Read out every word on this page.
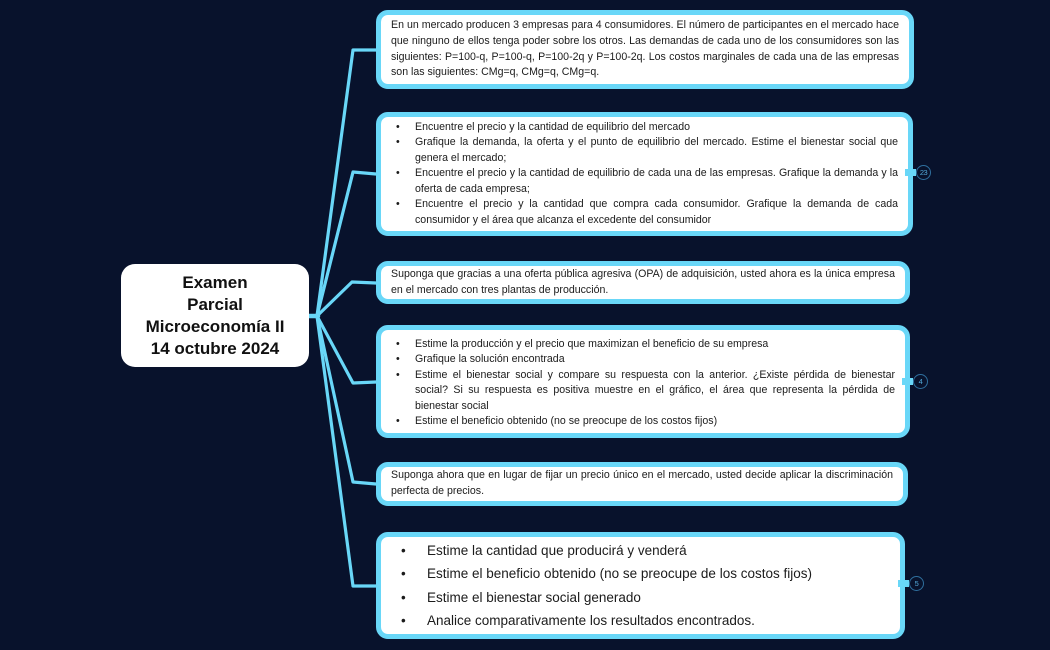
Examen
Parcial
Microeconomía II
14 octubre 2024

En un mercado producen 3 empresas para 4 consumidores. El número de participantes en el mercado hace que ninguno de ellos tenga poder sobre los otros. Las demandas de cada uno de los consumidores son las siguientes: P=100-q, P=100-q, P=100-2q y P=100-2q. Los costos marginales de cada una de las empresas son las siguientes: CMg=q, CMg=q, CMg=q.

• Encuentre el precio y la cantidad de equilibrio del mercado
• Grafique la demanda, la oferta y el punto de equilibrio del mercado. Estime el bienestar social que genera el mercado;
• Encuentre el precio y la cantidad de equilibrio de cada una de las empresas. Grafique la demanda y la oferta de cada empresa;
• Encuentre el precio y la cantidad que compra cada consumidor. Grafique la demanda de cada consumidor y el área que alcanza el excedente del consumidor

Suponga que gracias a una oferta pública agresiva (OPA) de adquisición, usted ahora es la única empresa en el mercado con tres plantas de producción.

• Estime la producción y el precio que maximizan el beneficio de su empresa
• Grafique la solución encontrada
• Estime el bienestar social y compare su respuesta con la anterior. ¿Existe pérdida de bienestar social? Si su respuesta es positiva muestre en el gráfico, el área que representa la pérdida de bienestar social
• Estime el beneficio obtenido (no se preocupe de los costos fijos)

Suponga ahora que en lugar de fijar un precio único en el mercado, usted decide aplicar la discriminación perfecta de precios.

• Estime la cantidad que producirá y venderá
• Estime el beneficio obtenido (no se preocupe de los costos fijos)
• Estime el bienestar social generado
• Analice comparativamente los resultados encontrados.
23
4
5
